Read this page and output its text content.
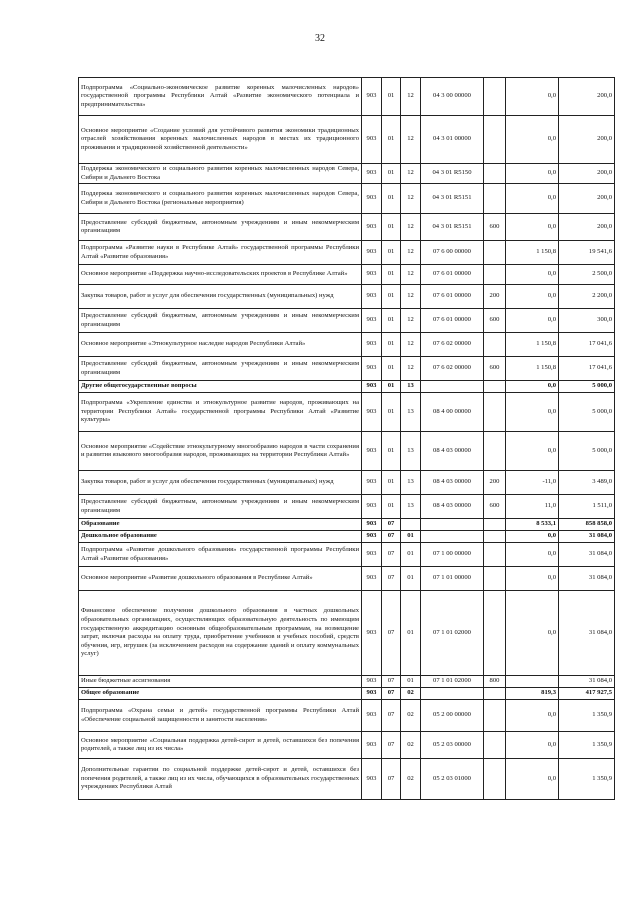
32
Подпрограмма «Социально-экономическое развитие коренных малочисленных народов» государственной программы Республики Алтай «Развитие экономического потенциала и предпринимательства»	903	01	12	04 3 00 00000		0,0	200,0
Основное мероприятие «Создание условий для устойчивого развития экономики традиционных отраслей хозяйствования коренных малочисленных народов в местах их традиционного проживания и традиционной хозяйственной деятельности»	903	01	12	04 3 01 00000		0,0	200,0
Поддержка экономического и социального развития коренных малочисленных народов Севера, Сибири и Дальнего Востока	903	01	12	04 3 01 R5150		0,0	200,0
Поддержка экономического и социального развития коренных малочисленных народов Севера, Сибири и Дальнего Востока (региональные мероприятия)	903	01	12	04 3 01 R5151		0,0	200,0
Предоставление субсидий бюджетным, автономным учреждениям и иным некоммерческим организациям	903	01	12	04 3 01 R5151	600	0,0	200,0
Подпрограмма «Развитие науки в Республике Алтай» государственной программы Республики Алтай «Развитие образования»	903	01	12	07 6 00 00000		1 150,8	19 541,6
Основное мероприятие «Поддержка научно-исследовательских проектов в Республике Алтай»	903	01	12	07 6 01 00000		0,0	2 500,0
Закупка товаров, работ и услуг для обеспечения государственных (муниципальных) нужд	903	01	12	07 6 01 00000	200	0,0	2 200,0
Предоставление субсидий бюджетным, автономным учреждениям и иным некоммерческим организациям	903	01	12	07 6 01 00000	600	0,0	300,0
Основное мероприятие «Этнокультурное наследие народов Республики Алтай»	903	01	12	07 6 02 00000		1 150,8	17 041,6
Предоставление субсидий бюджетным, автономным учреждениям и иным некоммерческим организациям	903	01	12	07 6 02 00000	600	1 150,8	17 041,6
Другие общегосударственные вопросы	903	01	13			0,0	5 000,0
Подпрограмма «Укрепление единства и этнокультурное развитие народов, проживающих на территории Республики Алтай» государственной программы Республики Алтай «Развитие культуры»	903	01	13	08 4 00 00000		0,0	5 000,0
Основное мероприятие «Содействие этнокультурному многообразию народов в части сохранения и развития языкового многообразия народов, проживающих на территории Республики Алтай»	903	01	13	08 4 03 00000		0,0	5 000,0
Закупка товаров, работ и услуг для обеспечения государственных (муниципальных) нужд	903	01	13	08 4 03 00000	200	-11,0	3 489,0
Предоставление субсидий бюджетным, автономным учреждениям и иным некоммерческим организациям	903	01	13	08 4 03 00000	600	11,0	1 511,0
Образование	903	07				8 533,1	858 858,0
Дошкольное образование	903	07	01			0,0	31 084,0
Подпрограмма «Развитие дошкольного образования» государственной программы Республики Алтай «Развитие образования»	903	07	01	07 1 00 00000		0,0	31 084,0
Основное мероприятие «Развитие дошкольного образования в Республике Алтай»	903	07	01	07 1 01 00000		0,0	31 084,0
Финансовое обеспечение получения дошкольного образования в частных дошкольных образовательных организациях, осуществляющих образовательную деятельность по имеющим государственную аккредитацию основным общеобразовательным программам, на возмещение затрат, включая расходы на оплату труда, приобретение учебников и учебных пособий, средств обучения, игр, игрушек (за исключением расходов на содержание зданий и оплату коммунальных услуг)	903	07	01	07 1 01 02000		0,0	31 084,0
Иные бюджетные ассигнования	903	07	01	07 1 01 02000	800		31 084,0
Общее образование	903	07	02			819,3	417 927,5
Подпрограмма «Охрана семьи и детей» государственной программы Республики Алтай «Обеспечение социальной защищенности и занятости населения»	903	07	02	05 2 00 00000		0,0	1 350,9
Основное мероприятие «Социальная поддержка детей-сирот и детей, оставшихся без попечения родителей, а также лиц из их числа»	903	07	02	05 2 03 00000		0,0	1 350,9
Дополнительные гарантии по социальной поддержке детей-сирот и детей, оставшихся без попечения родителей, а также лиц из их числа, обучающихся в образовательных государственных учреждениях Республики Алтай	903	07	02	05 2 03 01000		0,0	1 350,9
